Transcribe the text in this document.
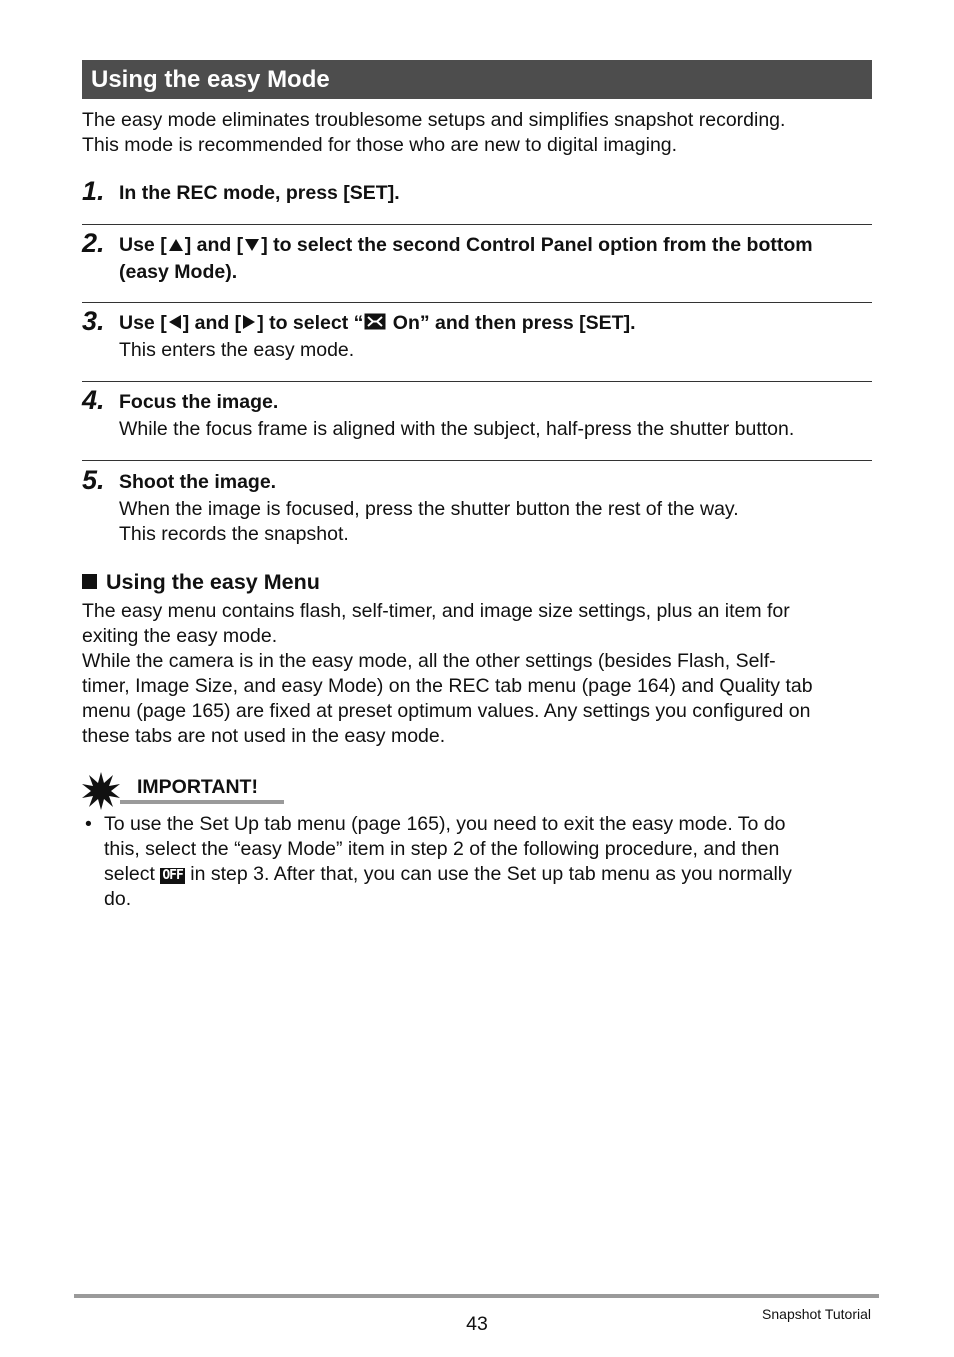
Using the easy Mode
The easy mode eliminates troublesome setups and simplifies snapshot recording.
This mode is recommended for those who are new to digital imaging.
1. In the REC mode, press [SET].
2. Use [ ] and [ ] to select the second Control Panel option from the bottom (easy Mode).
3. Use [ ] and [ ] to select “ On” and then press [SET].
This enters the easy mode.
4. Focus the image.
While the focus frame is aligned with the subject, half-press the shutter button.
5. Shoot the image.
When the image is focused, press the shutter button the rest of the way.
This records the snapshot.
Using the easy Menu
The easy menu contains flash, self-timer, and image size settings, plus an item for
exiting the easy mode.
While the camera is in the easy mode, all the other settings (besides Flash, Self-
timer, Image Size, and easy Mode) on the REC tab menu (page 164) and Quality tab
menu (page 165) are fixed at preset optimum values. Any settings you configured on
these tabs are not used in the easy mode.
IMPORTANT!
• To use the Set Up tab menu (page 165), you need to exit the easy mode. To do
this, select the “easy Mode” item in step 2 of the following procedure, and then
select OFF in step 3. After that, you can use the Set up tab menu as you normally
do.
43	Snapshot Tutorial
